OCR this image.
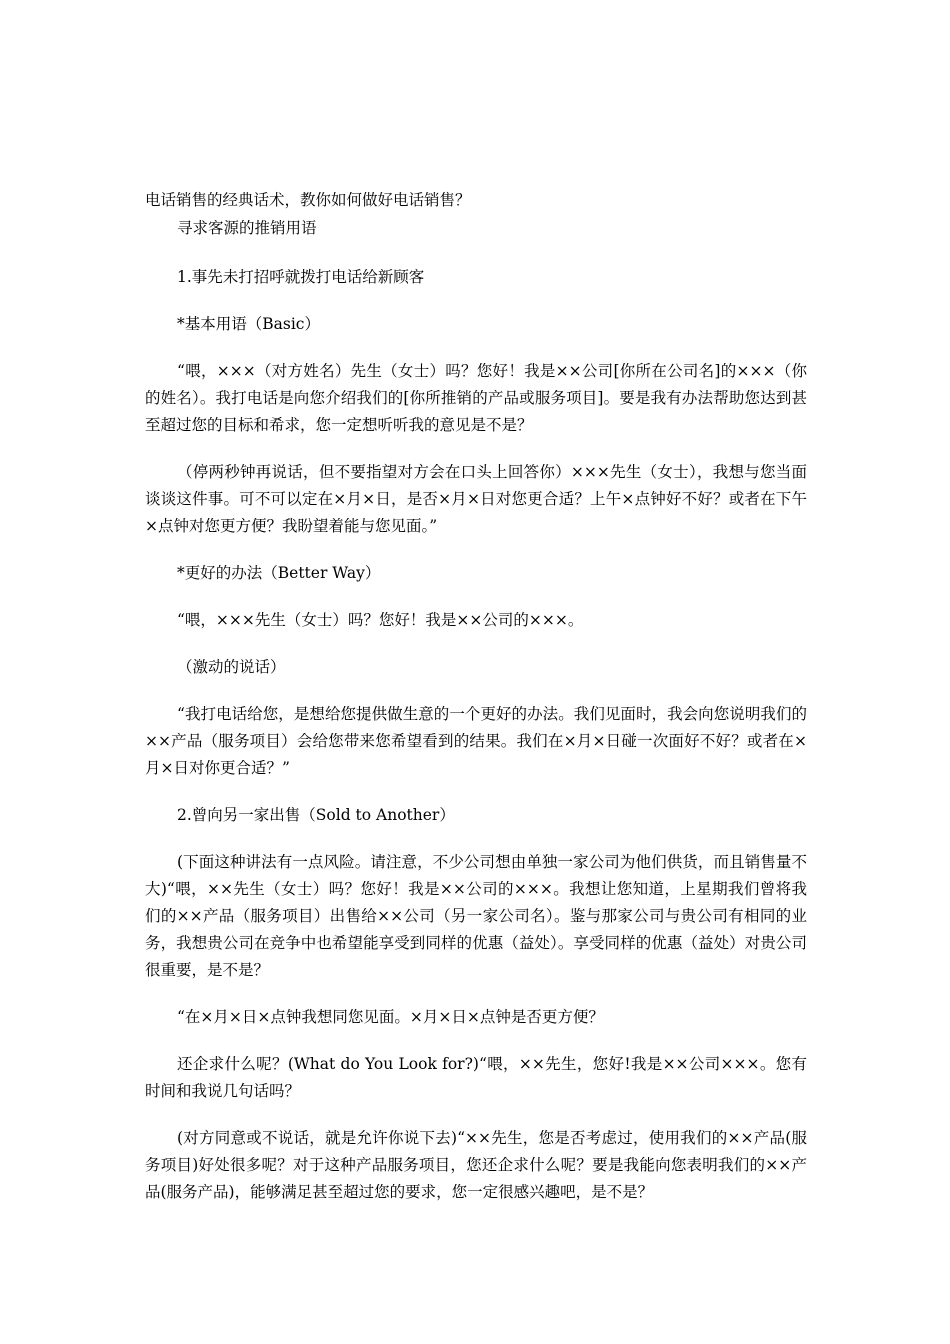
电话销售的经典话术，教你如何做好电话销售？

寻求客源的推销用语

1.事先未打招呼就拨打电话给新顾客

*基本用语（Basic）

“喂，×××（对方姓名）先生（女士）吗？您好！我是××公司[你所在公司名]的×××（你的姓名）。我打电话是向您介绍我们的[你所推销的产品或服务项目]。要是我有办法帮助您达到甚至超过您的目标和希求，您一定想听听我的意见是不是？

（停两秒钟再说话，但不要指望对方会在口头上回答你）×××先生（女士），我想与您当面谈谈这件事。可不可以定在×月×日，是否×月×日对您更合适？上午×点钟好不好？或者在下午×点钟对您更方便？我盼望着能与您见面。”

*更好的办法（Better Way）

“喂，×××先生（女士）吗？您好！我是××公司的×××。

（激动的说话）

“我打电话给您，是想给您提供做生意的一个更好的办法。我们见面时，我会向您说明我们的××产品（服务项目）会给您带来您希望看到的结果。我们在×月×日碰一次面好不好？或者在×月×日对你更合适？”

2.曾向另一家出售（Sold to Another）

(下面这种讲法有一点风险。请注意，不少公司想由单独一家公司为他们供货，而且销售量不大)“喂，××先生（女士）吗？您好！我是××公司的×××。我想让您知道，上星期我们曾将我们的××产品（服务项目）出售给××公司（另一家公司名）。鉴与那家公司与贵公司有相同的业务，我想贵公司在竞争中也希望能享受到同样的优惠（益处）。享受同样的优惠（益处）对贵公司很重要，是不是？

“在×月×日×点钟我想同您见面。×月×日×点钟是否更方便？

还企求什么呢？(What do You Look for?)“喂，××先生，您好!我是××公司×××。您有时间和我说几句话吗？

(对方同意或不说话，就是允许你说下去)“××先生，您是否考虑过，使用我们的××产品(服务项目)好处很多呢？对于这种产品服务项目，您还企求什么呢？要是我能向您表明我们的××产品(服务产品)，能够满足甚至超过您的要求，您一定很感兴趣吧，是不是？
